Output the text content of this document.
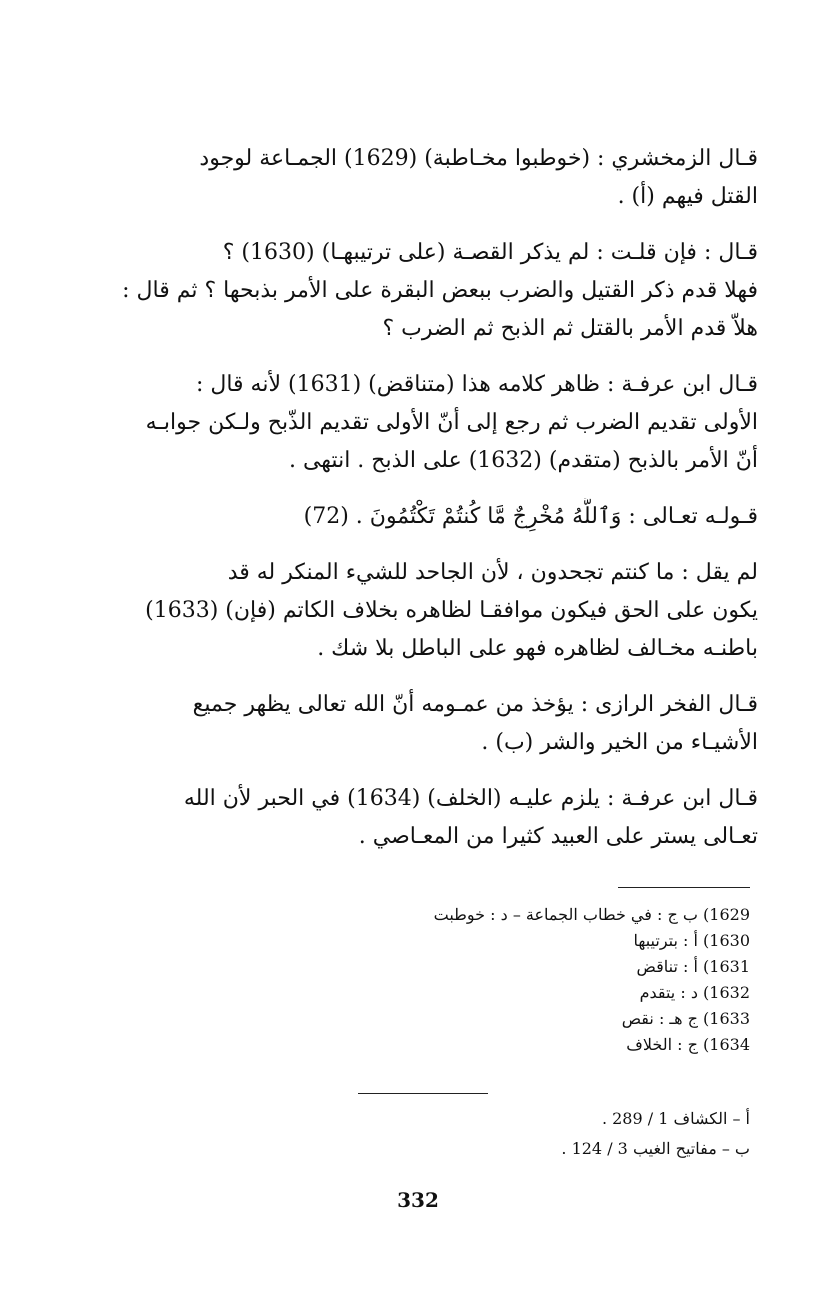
قـال الزمخشري : (خوطبوا مخـاطبة) (1629) الجمـاعة لوجود
القتل فيهم (أ) .

قـال : فإن قلـت : لم يذكر القصـة (على ترتيبهـا) (1630) ؟
فهلا قدم ذكر القتيل والضرب ببعض البقرة على الأمر بذبحها ؟ ثم قال :
هلاّ قدم الأمر بالقتل ثم الذبح ثم الضرب ؟

قـال ابن عرفـة : ظاهر كلامه هذا (متناقض) (1631) لأنه قال :
الأولى تقديم الضرب ثم رجع إلى أنّ الأولى تقديم الذّبح ولـكن جوابـه
أنّ الأمر بالذبح (متقدم) (1632) على الذبح . انتهى .

قـولـه تعـالى : وَٱللَّهُ مُخْرِجٌ مَّا كُنتُمْ تَكْتُمُونَ . (72)

لم يقل : ما كنتم تجحدون ، لأن الجاحد للشيء المنكر له قد
يكون على الحق فيكون موافقـا لظاهره بخلاف الكاتم (فإن) (1633)
باطنـه مخـالف لظاهره فهو على الباطل بلا شك .

قـال الفخر الرازى : يؤخذ من عمـومه أنّ الله تعالى يظهر جميع
الأشيـاء من الخير والشر (ب) .

قـال ابن عرفـة : يلزم عليـه (الخلف) (1634) في الحبر لأن الله
تعـالى يستر على العبيد كثيرا من المعـاصي .

1629) ب ج : في خطاب الجماعة – د : خوطبت
1630) أ : بترتيبها
1631) أ : تناقض
1632) د : يتقدم
1633) ج هـ : نقص
1634) ج : الخلاف
أ – الكشاف 1 / 289 .
ب – مفاتيح الغيب 3 / 124 .
332
